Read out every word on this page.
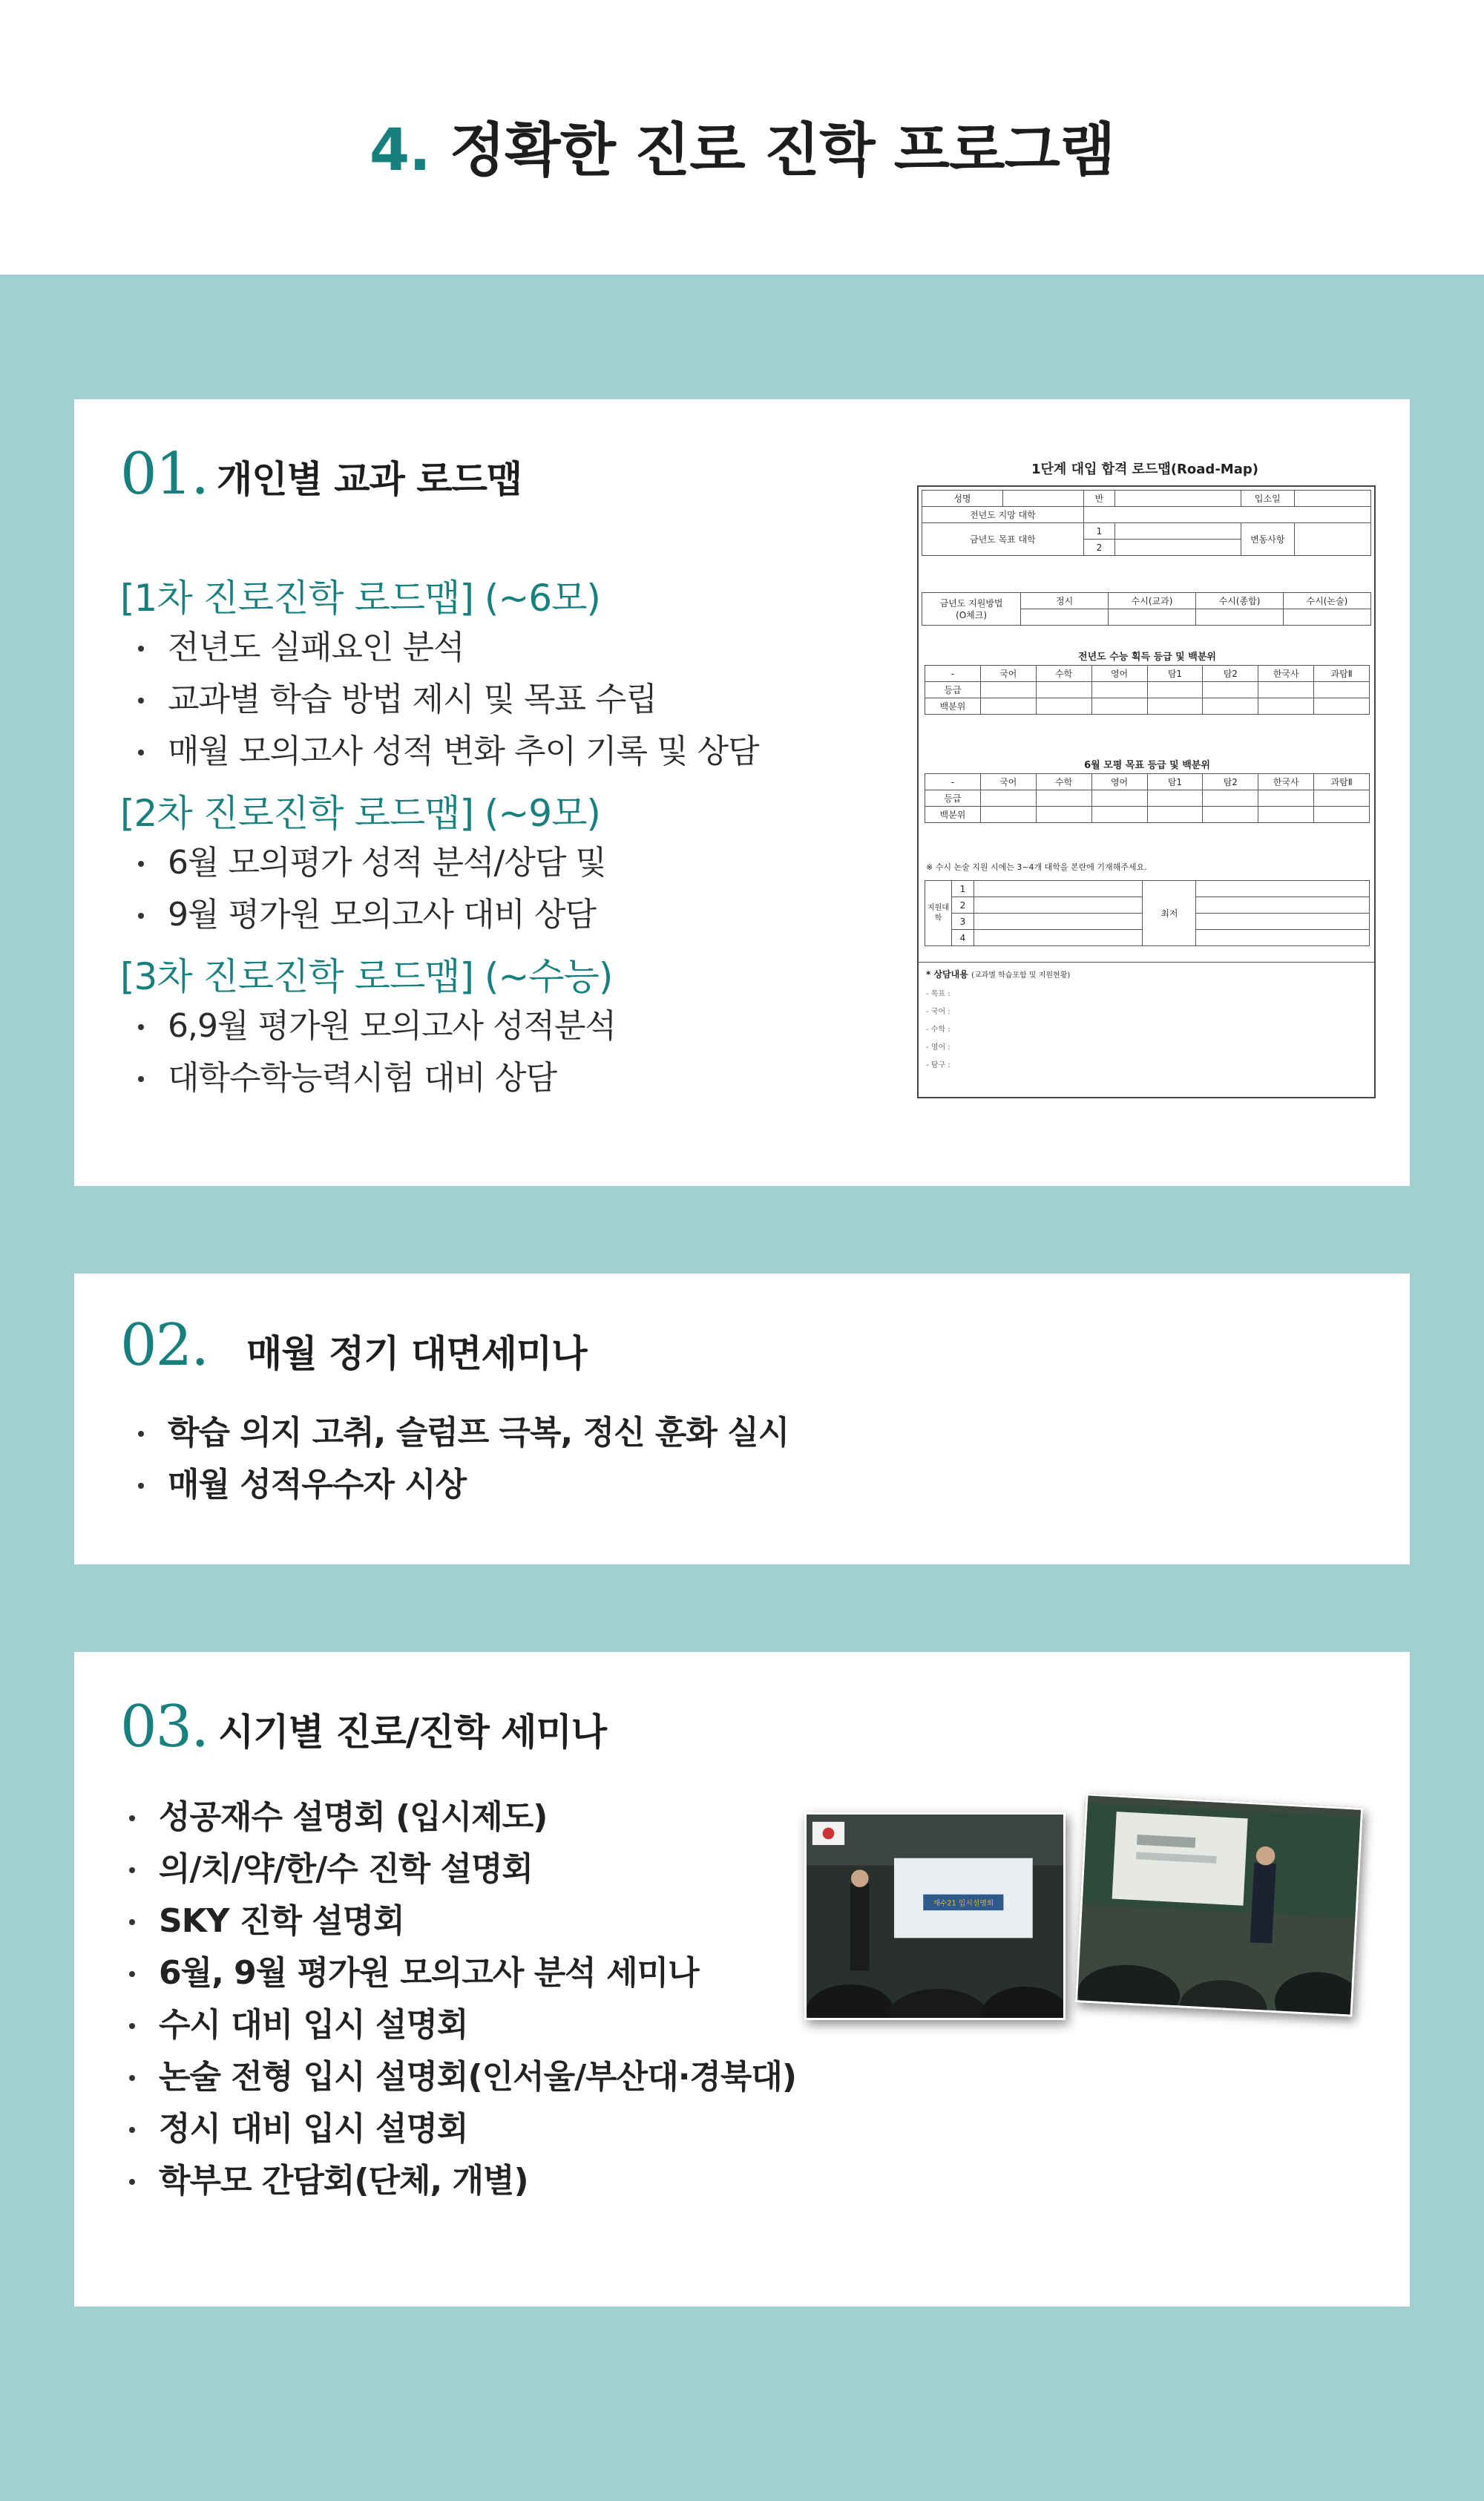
4. 정확한 진로 진학 프로그램
01. 개인별 교과 로드맵
[1차 진로진학 로드맵] (~6모)
전년도 실패요인 분석
교과별 학습 방법 제시 및 목표 수립
매월 모의고사 성적 변화 추이 기록 및 상담
[2차 진로진학 로드맵] (~9모)
6월 모의평가 성적 분석/상담 및
9월 평가원 모의고사 대비 상담
[3차 진로진학 로드맵] (~수능)
6,9월 평가원 모의고사 성적분석
대학수학능력시험 대비 상담
1단계 대입 합격 로드맵(Road-Map)
성명		반		입소일	
전년도 지망 대학					
금년도 목표 대학		1		변동사항	
		2			
금년도 지원방법
(O체크)	정시	수시(교과)	수시(종합)	수시(논술)

전년도 수능 획득 등급 및 백분위
-	국어	수학	영어	탐1	탐2	한국사	과탐Ⅱ
등급							
백분위							
6월 모평 목표 등급 및 백분위
-	국어	수학	영어	탐1	탐2	한국사	과탐Ⅱ
등급							
백분위							
※ 수시 논술 지원 시에는 3~4개 대학을 본란에 기재해주세요.
지원대학	1		최저	
	2			
	3			
	4			
* 상담내용 (교과별 학습포함 및 지원현황)
- 목표 :
- 국어 :
- 수학 :
- 영어 :
- 탐구 :
02. 매월 정기 대면세미나
학습 의지 고취, 슬럼프 극복, 정신 훈화 실시
매월 성적우수자 시상
03. 시기별 진로/진학 세미나
성공재수 설명회 (입시제도)
의/치/약/한/수 진학 설명회
SKY 진학 설명회
6월, 9월 평가원 모의고사 분석 세미나
수시 대비 입시 설명회
논술 전형 입시 설명회(인서울/부산대·경북대)
정시 대비 입시 설명회
학부모 간담회(단체, 개별)
재수21 입시설명회
